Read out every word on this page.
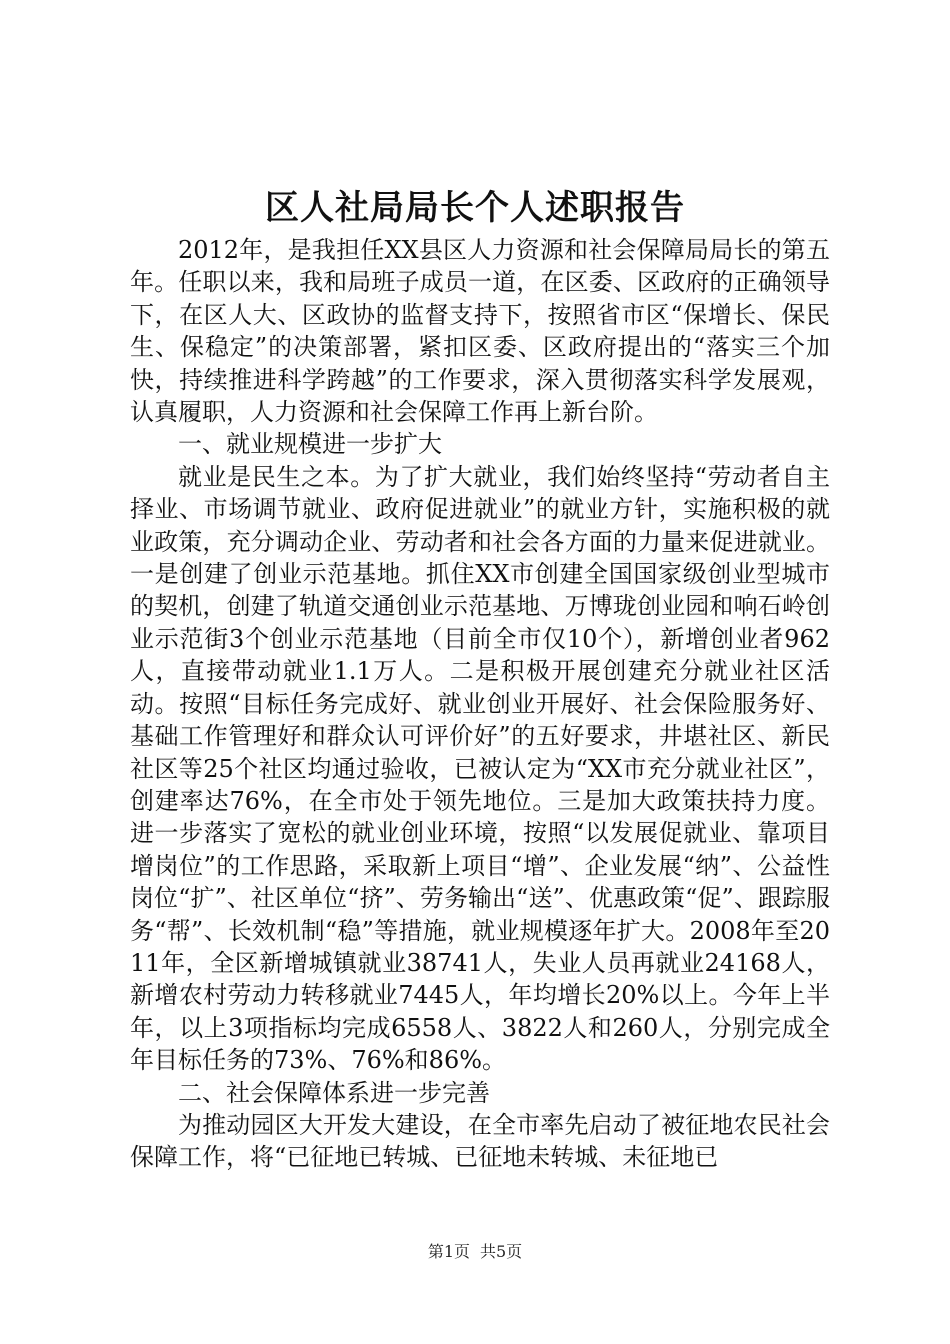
区人社局局长个人述职报告

2012年，是我担任XX县区人力资源和社会保障局局长的第五年。任职以来，我和局班子成员一道，在区委、区政府的正确领导下，在区人大、区政协的监督支持下，按照省市区“保增长、保民生、保稳定”的决策部署，紧扣区委、区政府提出的“落实三个加快，持续推进科学跨越”的工作要求，深入贯彻落实科学发展观，认真履职，人力资源和社会保障工作再上新台阶。

一、就业规模进一步扩大

就业是民生之本。为了扩大就业，我们始终坚持“劳动者自主择业、市场调节就业、政府促进就业”的就业方针，实施积极的就业政策，充分调动企业、劳动者和社会各方面的力量来促进就业。一是创建了创业示范基地。抓住XX市创建全国国家级创业型城市的契机，创建了轨道交通创业示范基地、万博珑创业园和响石岭创业示范街3个创业示范基地（目前全市仅10个），新增创业者962人，直接带动就业1.1万人。二是积极开展创建充分就业社区活动。按照“目标任务完成好、就业创业开展好、社会保险服务好、基础工作管理好和群众认可评价好”的五好要求，井堪社区、新民社区等25个社区均通过验收，已被认定为“XX市充分就业社区”，创建率达76%，在全市处于领先地位。三是加大政策扶持力度。进一步落实了宽松的就业创业环境，按照“以发展促就业、靠项目增岗位”的工作思路，采取新上项目“增”、企业发展“纳”、公益性岗位“扩”、社区单位“挤”、劳务输出“送”、优惠政策“促”、跟踪服务“帮”、长效机制“稳”等措施，就业规模逐年扩大。2008年至2011年，全区新增城镇就业38741人，失业人员再就业24168人，新增农村劳动力转移就业7445人，年均增长20%以上。今年上半年，以上3项指标均完成6558人、3822人和260人，分别完成全年目标任务的73%、76%和86%。

二、社会保障体系进一步完善

为推动园区大开发大建设，在全市率先启动了被征地农民社会保障工作，将“已征地已转城、已征地未转城、未征地已

第1页 共5页
